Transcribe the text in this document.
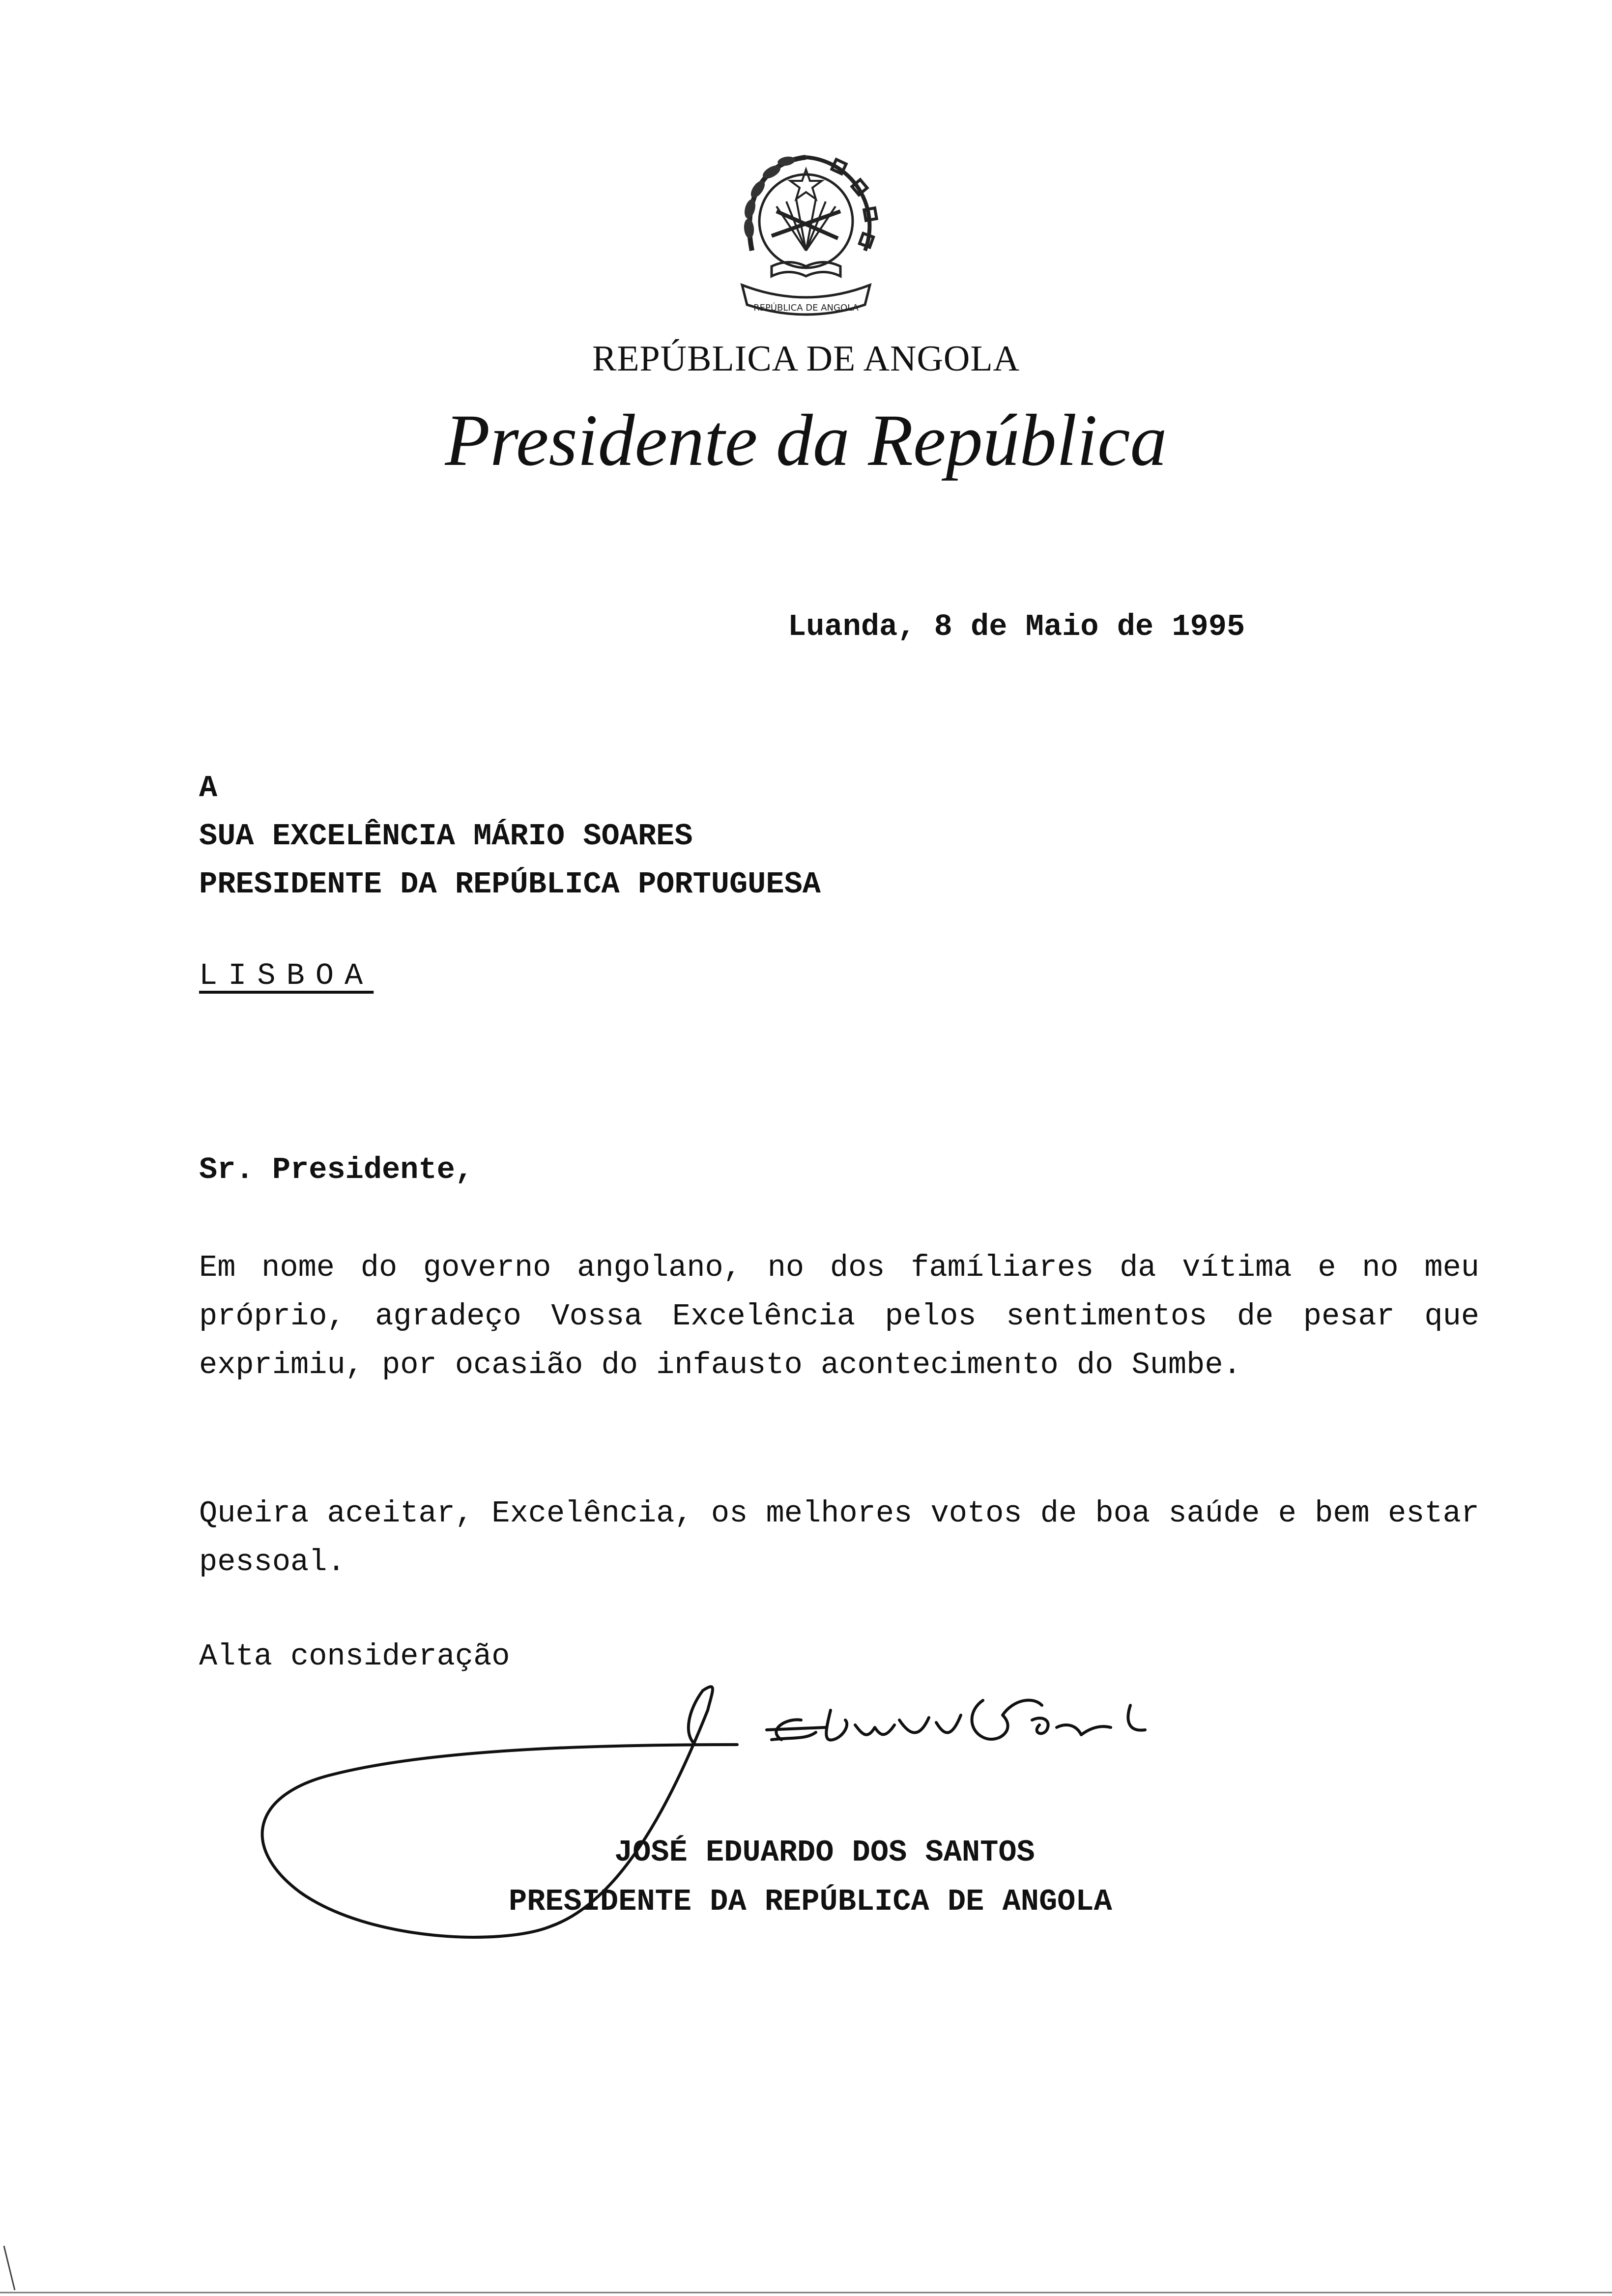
REPÚBLICA DE ANGOLA
REPÚBLICA DE ANGOLA
Presidente da República
Luanda, 8 de Maio de 1995
A
SUA EXCELÊNCIA MÁRIO SOARES
PRESIDENTE DA REPÚBLICA PORTUGUESA
LISBOA
Sr. Presidente,
Em nome do governo angolano, no dos famíliares da vítima e no meu próprio, agradeço Vossa Excelência pelos sentimentos de pesar que exprimiu, por ocasião do infausto acontecimento do Sumbe.
Queira aceitar, Excelência, os melhores votos de boa saúde e bem estar pessoal.
Alta consideração
JOSÉ EDUARDO DOS SANTOS
PRESIDENTE DA REPÚBLICA DE ANGOLA
